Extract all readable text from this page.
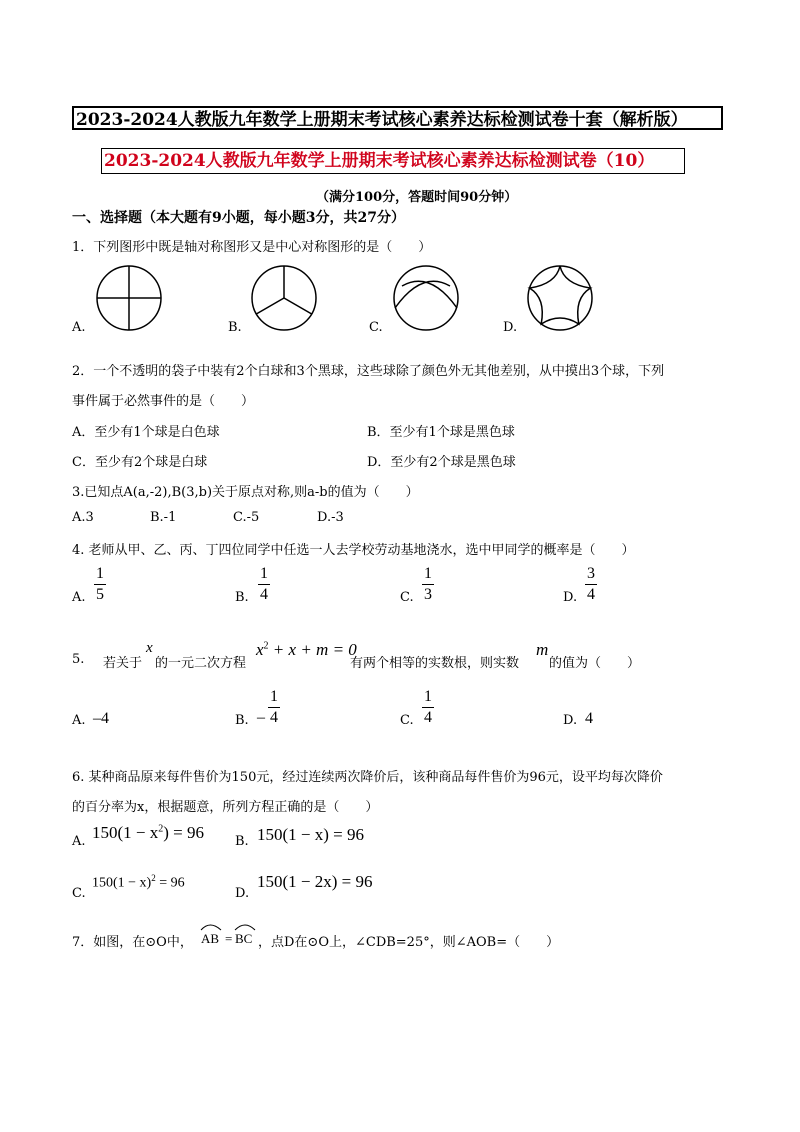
2023-2024人教版九年数学上册期末考试核心素养达标检测试卷十套（解析版）
2023-2024人教版九年数学上册期末考试核心素养达标检测试卷（10）
（满分100分，答题时间90分钟）
一、选择题（本大题有9小题，每小题3分，共27分）
1．下列图形中既是轴对称图形又是中心对称图形的是（　　）
A.	B.	C.	D.
2．一个不透明的袋子中装有2个白球和3个黑球，这些球除了颜色外无其他差别，从中摸出3个球，下列
事件属于必然事件的是（　　）
A．至少有1个球是白色球	B．至少有1个球是黑色球
C．至少有2个球是白球	D．至少有2个球是黑色球
3.已知点A(a,-2),B(3,b)关于原点对称,则a-b的值为（　　）
A.3	B.-1	C.-5	D.-3
4. 老师从甲、乙、丙、丁四位同学中任选一人去学校劳动基地浇水，选中甲同学的概率是（　　）
A.
1
5	B.
1
4	C.
1
3	D.
3
4
5. 若关于
x
的一元二次方程
$x^2 + x + m = 0$
有两个相等的实数根，则实数
m
的值为（　　）
A. –4	B. –
1
4	C.
1
4	D. 4
6. 某种商品原来每件售价为150元，经过连续两次降价后，该种商品每件售价为96元，设平均每次降价
的百分率为x，根据题意，所列方程正确的是（　　）
A. $150(1 - x^2) = 96$ B. 150(1 − x) = 96
C.
$150(1 - x)^2 = 96$
D.
150(1 − 2x) = 96
7．如图，在⊙O中， AB = BC ，点D在⊙O上，∠CDB=25°，则∠AOB=（　　）
